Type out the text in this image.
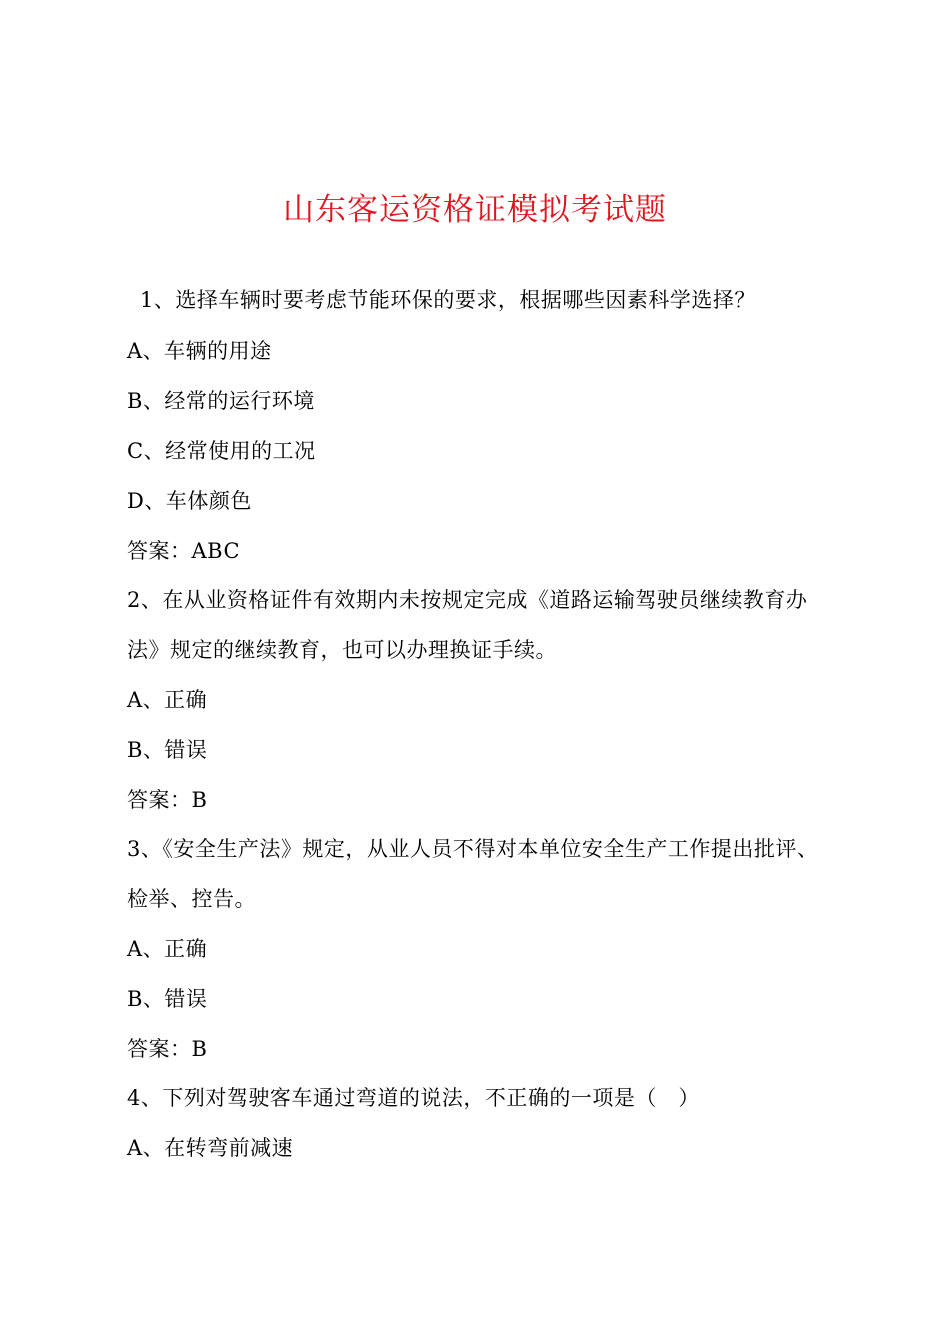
山东客运资格证模拟考试题

1、选择车辆时要考虑节能环保的要求，根据哪些因素科学选择？

A、车辆的用途

B、经常的运行环境

C、经常使用的工况

D、车体颜色

答案：ABC

2、在从业资格证件有效期内未按规定完成《道路运输驾驶员继续教育办

法》规定的继续教育，也可以办理换证手续。

A、正确

B、错误

答案：B

3、《安全生产法》规定，从业人员不得对本单位安全生产工作提出批评、

检举、控告。

A、正确

B、错误

答案：B

4、下列对驾驶客车通过弯道的说法，不正确的一项是（　）

A、在转弯前减速
